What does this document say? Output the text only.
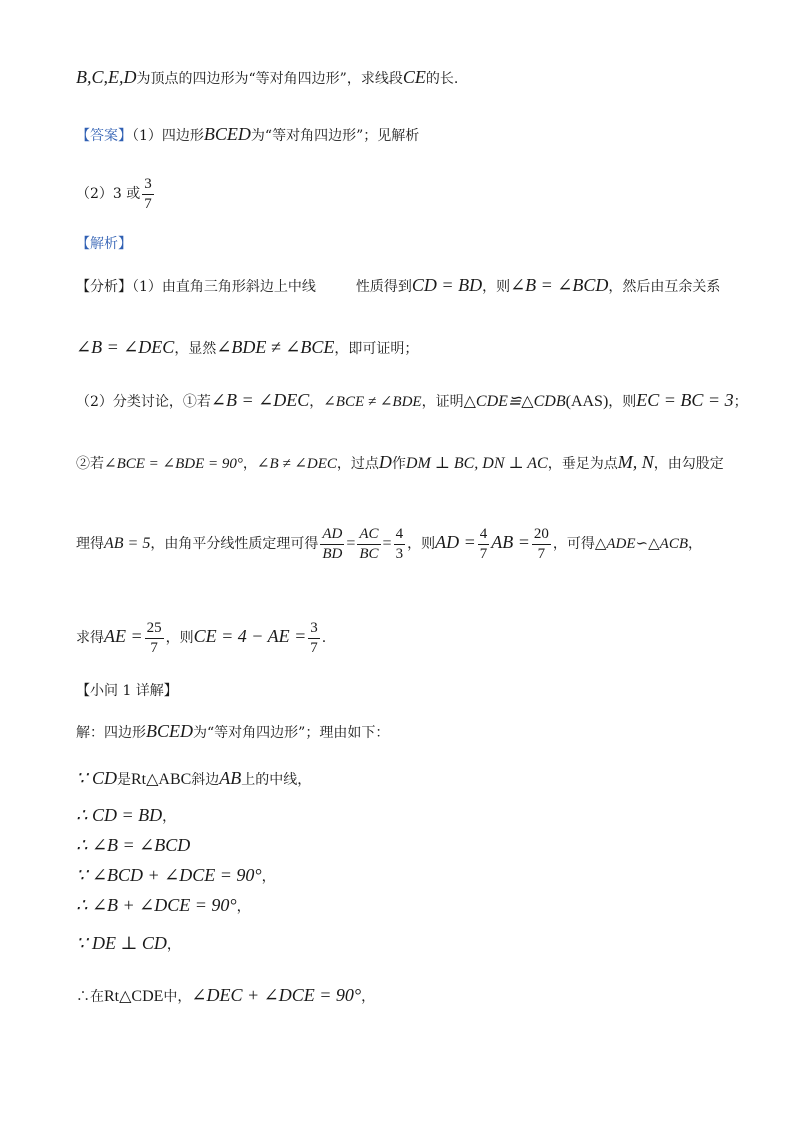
B,C,E,D为顶点的四边形为“等对角四边形”，求线段CE的长.
【答案】（1）四边形BCED为“等对角四边形”；见解析
（2）3 或 $\frac{3}{7}$
【解析】
【分析】（1）由直角三角形斜边上中线	性质得到CD = BD，则∠B = ∠BCD，然后由互余关系
∠B = ∠DEC，显然∠BDE ≠ ∠BCE，即可证明；
（2）分类讨论，①若∠B = ∠DEC，∠BCE ≠ ∠BDE，证明△CDE≌△CDB(AAS)，则EC = BC = 3；
②若∠BCE = ∠BDE = 90°，∠B ≠ ∠DEC，过点D作DM ⊥ BC, DN ⊥ AC，垂足为点M, N，由勾股定
理得AB = 5，由角平分线性质定理可得 $\frac{AD}{BD} = \frac{AC}{BC} = \frac{4}{3}$ ，则AD = $\frac{4}{7}$ AB = $\frac{20}{7}$ ，可得△ADE∽△ACB，
求得AE = $\frac{25}{7}$ ，则CE = 4 − AE = $\frac{3}{7}$ .
【小问 1 详解】
解：四边形BCED为“等对角四边形”；理由如下：
∵ CD是Rt△ABC斜边AB上的中线，
∴ CD = BD，
∴ ∠B = ∠BCD
∵ ∠BCD + ∠DCE = 90°，
∴ ∠B + ∠DCE = 90°，
∵ DE ⊥ CD，
∴在Rt△CDE中，∠DEC + ∠DCE = 90°，
